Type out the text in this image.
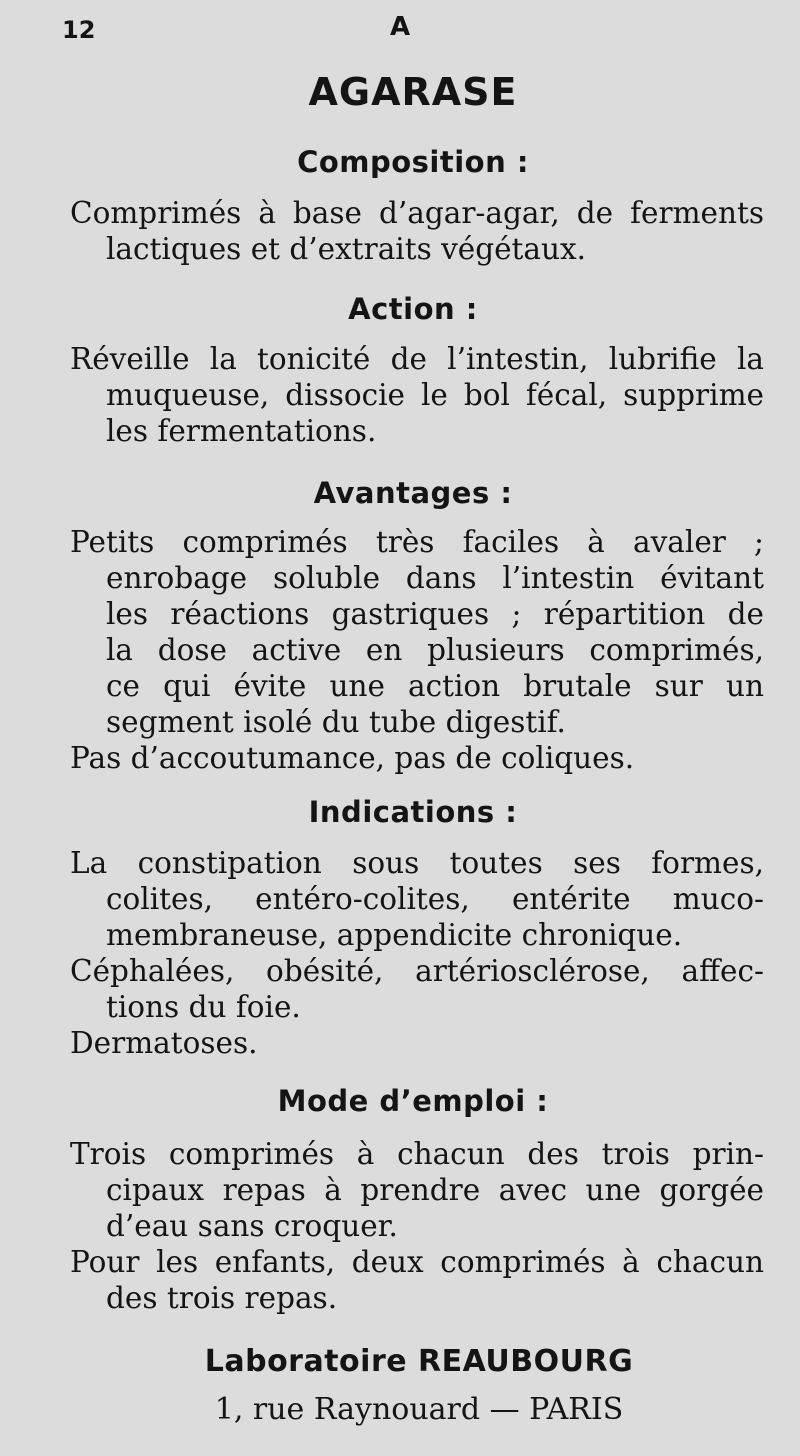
12	A
AGARASE
Composition :
Comprimés à base d’agar-agar, de ferments
lactiques et d’extraits végétaux.
Action :
Réveille la tonicité de l’intestin, lubrifie la
muqueuse, dissocie le bol fécal, supprime
les fermentations.
Avantages :
Petits comprimés très faciles à avaler ;
enrobage soluble dans l’intestin évitant
les réactions gastriques ; répartition de
la dose active en plusieurs comprimés,
ce qui évite une action brutale sur un
segment isolé du tube digestif.
Pas d’accoutumance, pas de coliques.
Indications :
La constipation sous toutes ses formes,
colites, entéro-colites, entérite muco-
membraneuse, appendicite chronique.
Céphalées, obésité, artériosclérose, affec-
tions du foie.
Dermatoses.
Mode d’emploi :
Trois comprimés à chacun des trois prin-
cipaux repas à prendre avec une gorgée
d’eau sans croquer.
Pour les enfants, deux comprimés à chacun
des trois repas.
Laboratoire REAUBOURG
1, rue Raynouard — PARIS
